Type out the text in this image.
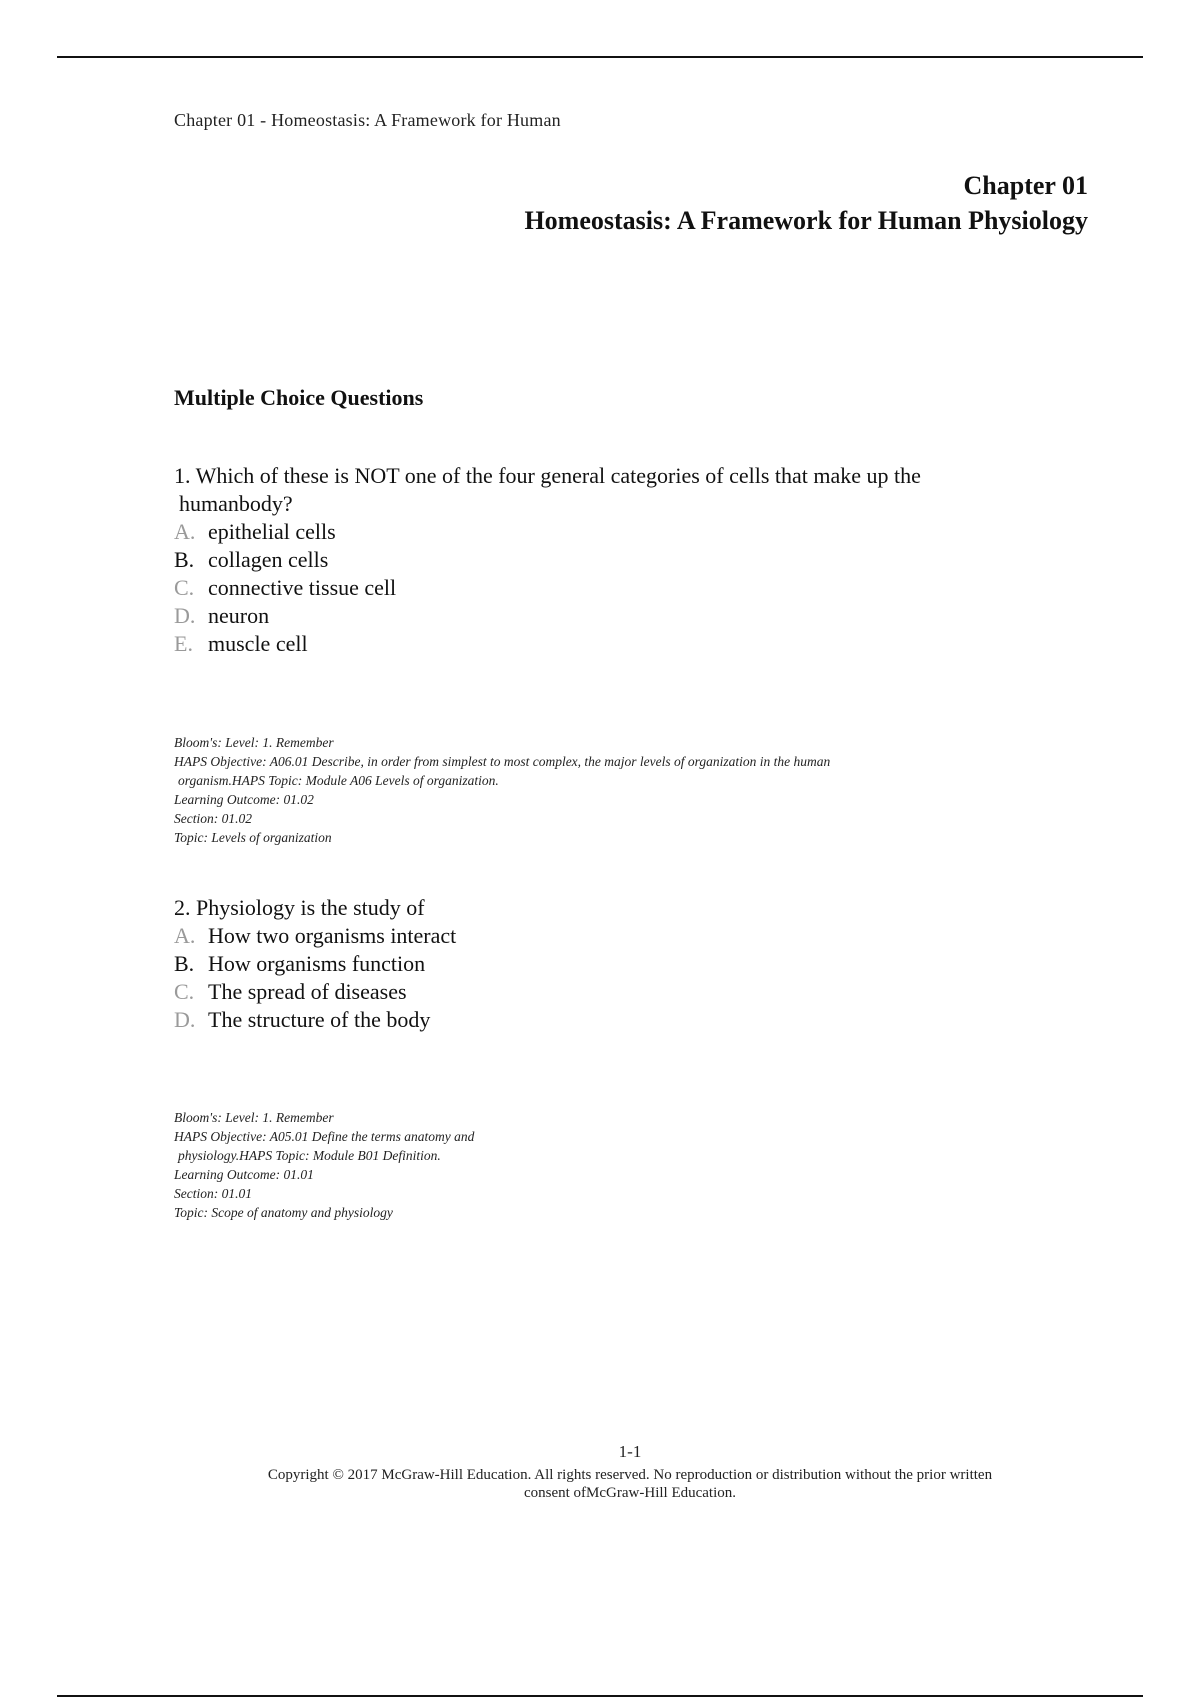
Chapter 01 - Homeostasis: A Framework for Human
Chapter 01
Homeostasis: A Framework for Human Physiology
Multiple Choice Questions

1. Which of these is NOT one of the four general categories of cells that make up the
humanbody?

A. epithelial cells
B. collagen cells
C. connective tissue cell
D. neuron
E. muscle cell

Bloom's: Level: 1. Remember

HAPS Objective: A06.01 Describe, in order from simplest to most complex, the major levels of organization in the human

organism.HAPS Topic: Module A06 Levels of organization.

Learning Outcome: 01.02

Section: 01.02

Topic: Levels of organization

2. Physiology is the study of

A. How two organisms interact
B. How organisms function
C. The spread of diseases
D. The structure of the body

Bloom's: Level: 1. Remember

HAPS Objective: A05.01 Define the terms anatomy and

physiology.HAPS Topic: Module B01 Definition.

Learning Outcome: 01.01

Section: 01.01

Topic: Scope of anatomy and physiology

1-1
Copyright © 2017 McGraw-Hill Education. All rights reserved. No reproduction or distribution without the prior written
consent ofMcGraw-Hill Education.
